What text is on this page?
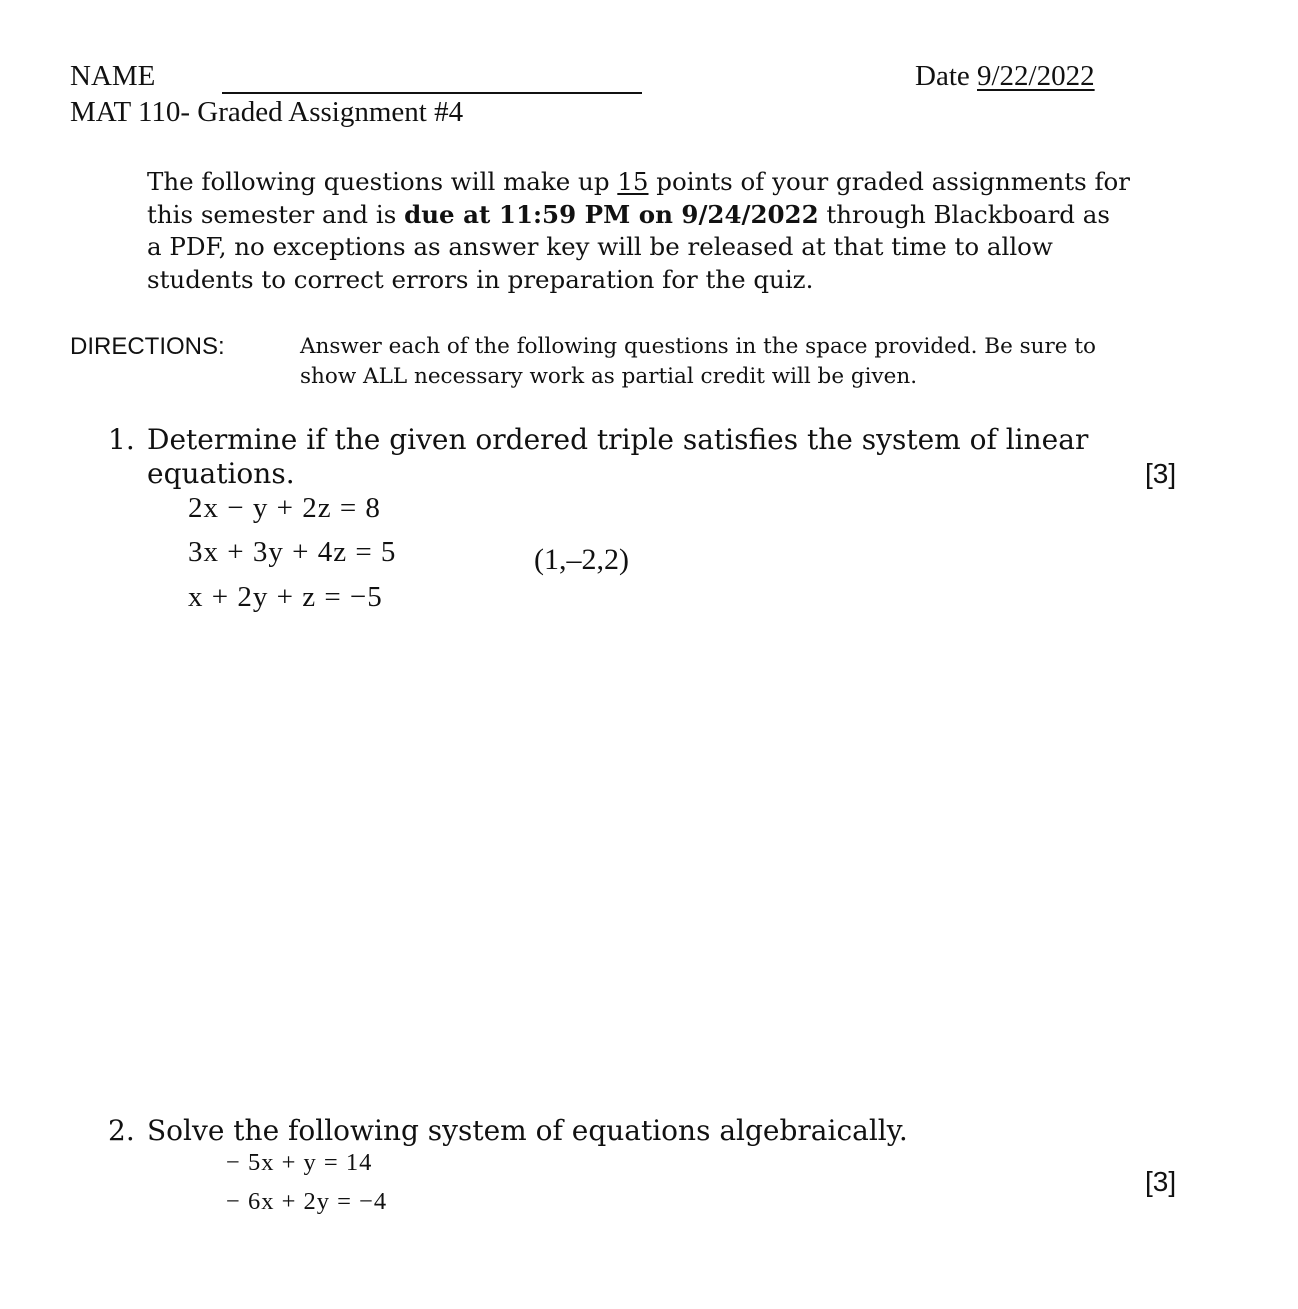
NAME	Date 9/22/2022
MAT 110- Graded Assignment #4
The following questions will make up 15 points of your graded assignments for
this semester and is due at 11:59 PM on 9/24/2022 through Blackboard as
a PDF, no exceptions as answer key will be released at that time to allow
students to correct errors in preparation for the quiz.
DIRECTIONS:	Answer each of the following questions in the space provided. Be sure to
show ALL necessary work as partial credit will be given.
1. Determine if the given ordered triple satisfies the system of linear
equations.	[3]
2x − y + 2z = 8
3x + 3y + 4z = 5
x + 2y + z = −5
(1,–2,2)
2. Solve the following system of equations algebraically.
[3]
− 5x + y = 14
− 6x + 2y = −4
